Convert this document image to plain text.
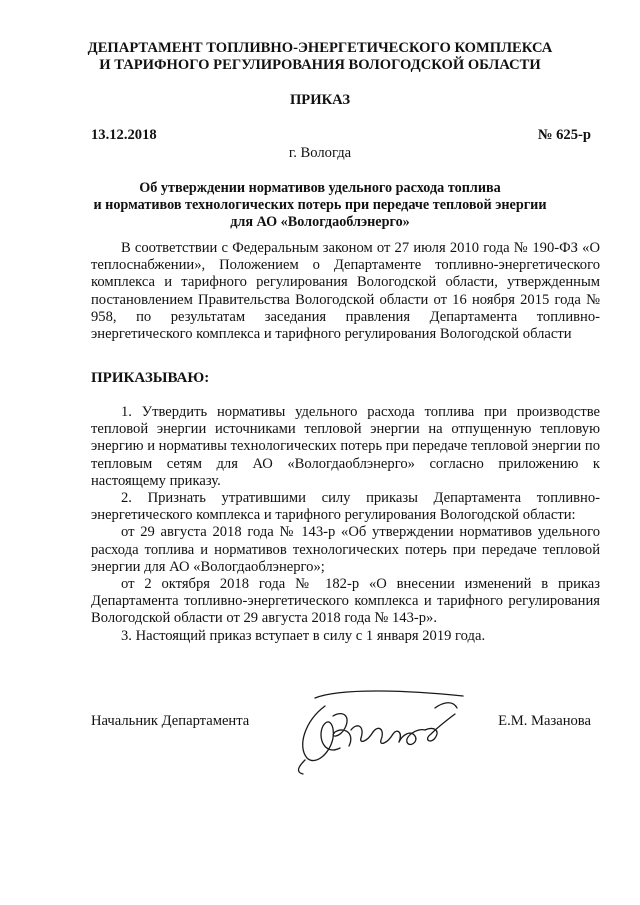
ДЕПАРТАМЕНТ ТОПЛИВНО-ЭНЕРГЕТИЧЕСКОГО КОМПЛЕКСА
И ТАРИФНОГО РЕГУЛИРОВАНИЯ ВОЛОГОДСКОЙ ОБЛАСТИ
ПРИКАЗ
13.12.2018	№ 625-р
г. Вологда
Об утверждении нормативов удельного расхода топлива
и нормативов технологических потерь при передаче тепловой энергии
для АО «Вологдаоблэнерго»

В соответствии с Федеральным законом от 27 июля 2010 года № 190-ФЗ «О теплоснабжении», Положением о Департаменте топливно-энергетического комплекса и тарифного регулирования Вологодской области, утвержденным постановлением Правительства Вологодской области от 16 ноября 2015 года № 958, по результатам заседания правления Департамента топливно-энергетического комплекса и тарифного регулирования Вологодской области

ПРИКАЗЫВАЮ:

1. Утвердить нормативы удельного расхода топлива при производстве тепловой энергии источниками тепловой энергии на отпущенную тепловую энергию и нормативы технологических потерь при передаче тепловой энергии по тепловым сетям для АО «Вологдаоблэнерго» согласно приложению к настоящему приказу.

2. Признать утратившими силу приказы Департамента топливно-энергетического комплекса и тарифного регулирования Вологодской области:

от 29 августа 2018 года № 143-р «Об утверждении нормативов удельного расхода топлива и нормативов технологических потерь при передаче тепловой энергии для АО «Вологдаоблэнерго»;

от 2 октября 2018 года № 182-р «О внесении изменений в приказ Департамента топливно-энергетического комплекса и тарифного регулирования Вологодской области от 29 августа 2018 года № 143-р».

3. Настоящий приказ вступает в силу с 1 января 2019 года.

Начальник Департамента	Е.М. Мазанова
